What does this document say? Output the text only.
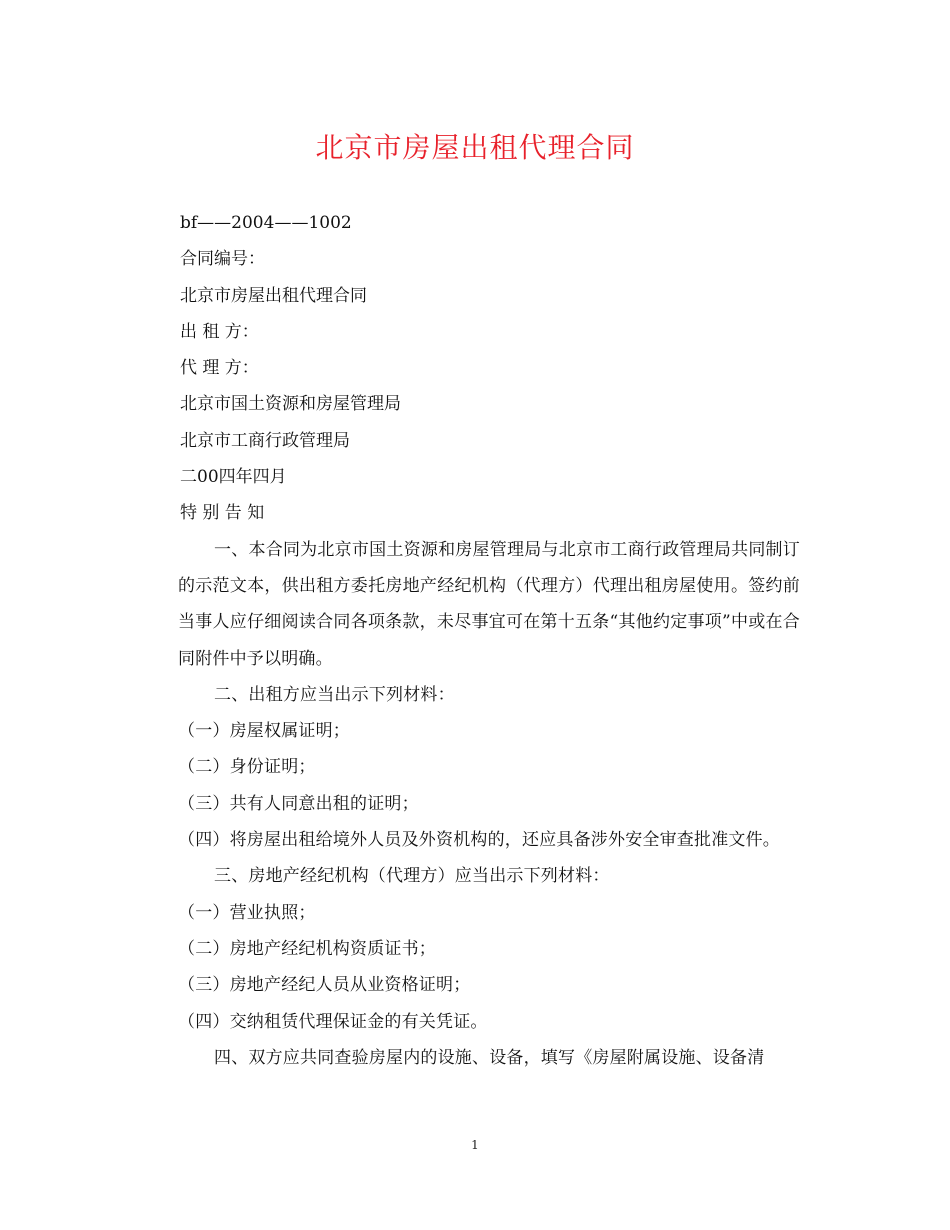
北京市房屋出租代理合同

bf——2004——1002

合同编号：

北京市房屋出租代理合同

出 租 方：

代 理 方：

北京市国土资源和房屋管理局

北京市工商行政管理局

二00四年四月

特 别 告 知

一、本合同为北京市国土资源和房屋管理局与北京市工商行政管理局共同制订的示范文本，供出租方委托房地产经纪机构（代理方）代理出租房屋使用。签约前当事人应仔细阅读合同各项条款，未尽事宜可在第十五条“其他约定事项”中或在合同附件中予以明确。

二、出租方应当出示下列材料：

（一）房屋权属证明；

（二）身份证明；

（三）共有人同意出租的证明；

（四）将房屋出租给境外人员及外资机构的，还应具备涉外安全审查批准文件。

三、房地产经纪机构（代理方）应当出示下列材料：

（一）营业执照；

（二）房地产经纪机构资质证书；

（三）房地产经纪人员从业资格证明；

（四）交纳租赁代理保证金的有关凭证。

四、双方应共同查验房屋内的设施、设备，填写《房屋附属设施、设备清

1
